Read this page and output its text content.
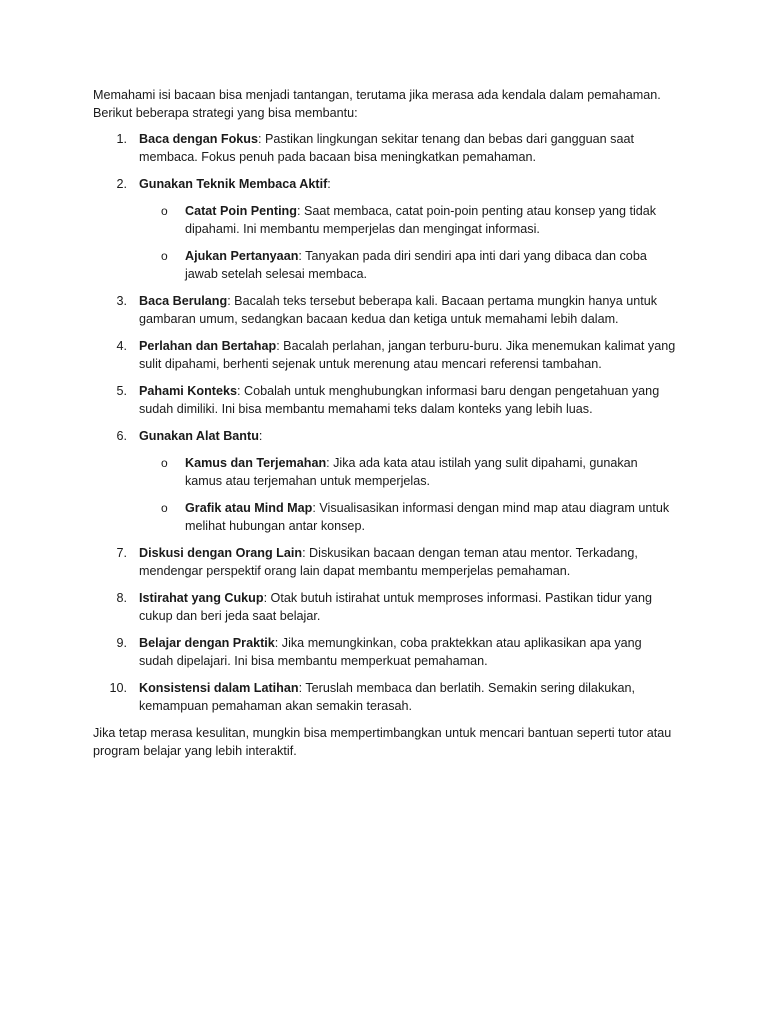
Memahami isi bacaan bisa menjadi tantangan, terutama jika merasa ada kendala dalam pemahaman. Berikut beberapa strategi yang bisa membantu:

1. Baca dengan Fokus: Pastikan lingkungan sekitar tenang dan bebas dari gangguan saat membaca. Fokus penuh pada bacaan bisa meningkatkan pemahaman.
2. Gunakan Teknik Membaca Aktif:
o Catat Poin Penting: Saat membaca, catat poin-poin penting atau konsep yang tidak dipahami. Ini membantu memperjelas dan mengingat informasi.
o Ajukan Pertanyaan: Tanyakan pada diri sendiri apa inti dari yang dibaca dan coba jawab setelah selesai membaca.
3. Baca Berulang: Bacalah teks tersebut beberapa kali. Bacaan pertama mungkin hanya untuk gambaran umum, sedangkan bacaan kedua dan ketiga untuk memahami lebih dalam.
4. Perlahan dan Bertahap: Bacalah perlahan, jangan terburu-buru. Jika menemukan kalimat yang sulit dipahami, berhenti sejenak untuk merenung atau mencari referensi tambahan.
5. Pahami Konteks: Cobalah untuk menghubungkan informasi baru dengan pengetahuan yang sudah dimiliki. Ini bisa membantu memahami teks dalam konteks yang lebih luas.
6. Gunakan Alat Bantu:
o Kamus dan Terjemahan: Jika ada kata atau istilah yang sulit dipahami, gunakan kamus atau terjemahan untuk memperjelas.
o Grafik atau Mind Map: Visualisasikan informasi dengan mind map atau diagram untuk melihat hubungan antar konsep.
7. Diskusi dengan Orang Lain: Diskusikan bacaan dengan teman atau mentor. Terkadang, mendengar perspektif orang lain dapat membantu memperjelas pemahaman.
8. Istirahat yang Cukup: Otak butuh istirahat untuk memproses informasi. Pastikan tidur yang cukup dan beri jeda saat belajar.
9. Belajar dengan Praktik: Jika memungkinkan, coba praktekkan atau aplikasikan apa yang sudah dipelajari. Ini bisa membantu memperkuat pemahaman.
10. Konsistensi dalam Latihan: Teruslah membaca dan berlatih. Semakin sering dilakukan, kemampuan pemahaman akan semakin terasah.

Jika tetap merasa kesulitan, mungkin bisa mempertimbangkan untuk mencari bantuan seperti tutor atau program belajar yang lebih interaktif.
